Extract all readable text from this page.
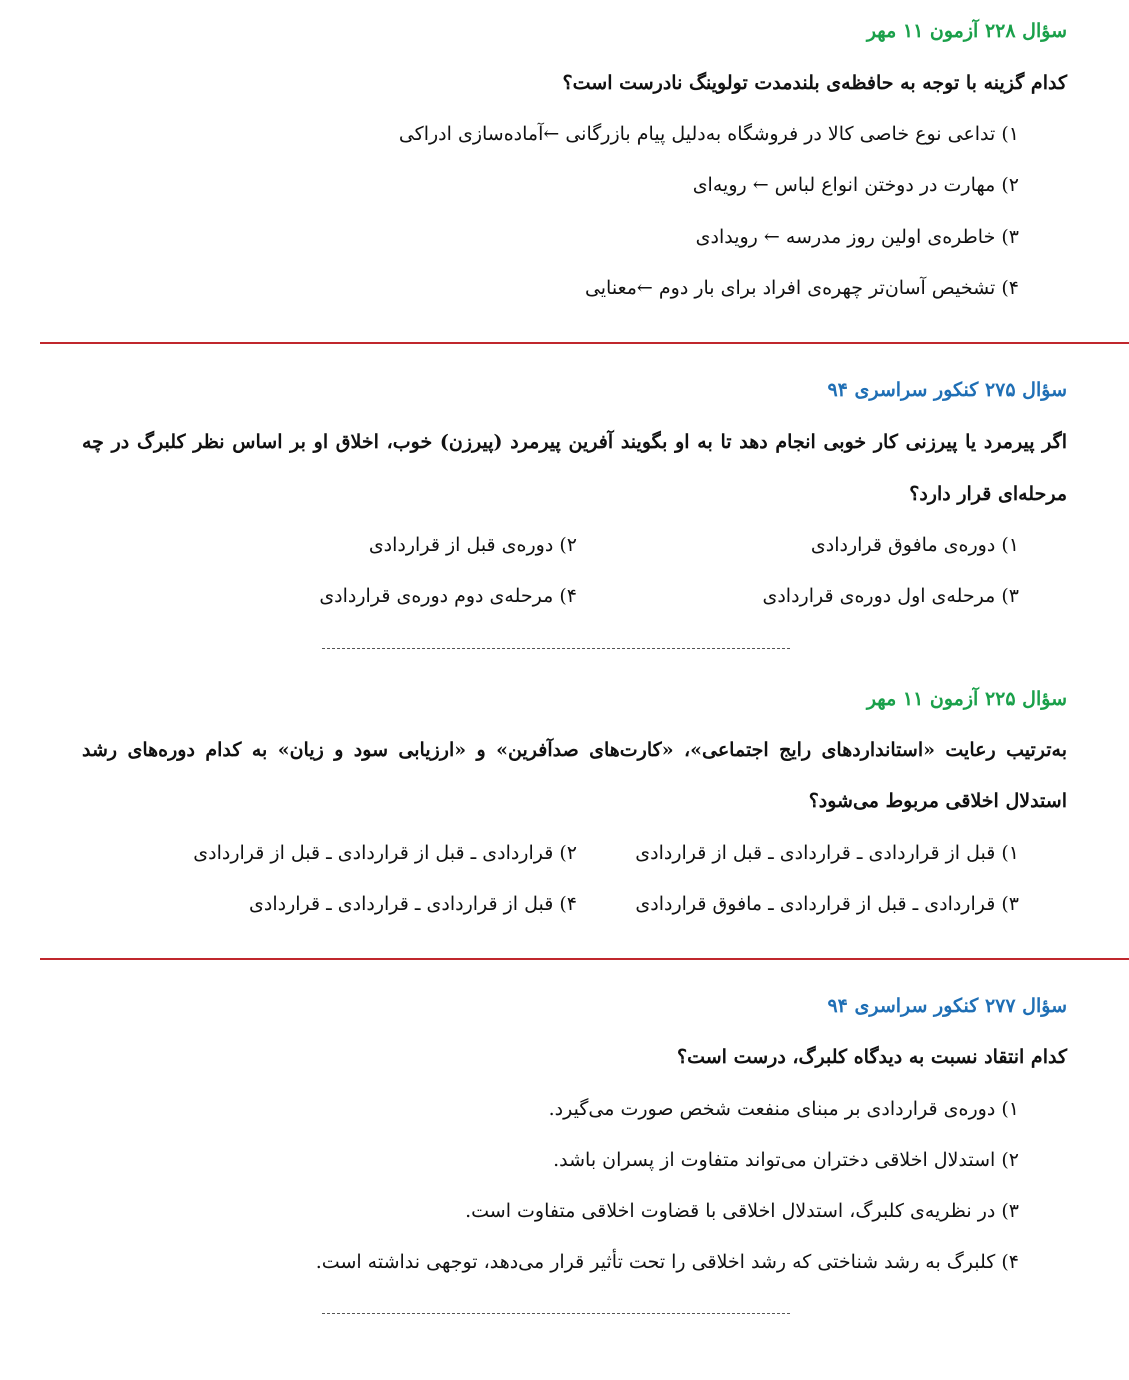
سؤال ۲۲۸ آزمون ۱۱ مهر
کدام گزینه با توجه به حافظه‌ی بلندمدت تولوینگ نادرست است؟
۱) تداعی نوع خاصی کالا در فروشگاه به‌دلیل پیام بازرگانی ←آماده‌سازی ادراکی
۲) مهارت در دوختن انواع لباس ← رویه‌ای
۳) خاطره‌ی اولین روز مدرسه ← رویدادی
۴) تشخیص آسان‌تر چهره‌ی افراد برای بار دوم ←معنایی
سؤال ۲۷۵ کنکور سراسری ۹۴
اگر پیرمرد یا پیرزنی کار خوبی انجام دهد تا به او بگویند آفرین پیرمرد (پیرزن) خوب، اخلاق او بر اساس نظر کلبرگ در چه
مرحله‌ای قرار دارد؟
۱) دوره‌ی مافوق قراردادی
۲) دوره‌ی قبل از قراردادی
۳) مرحله‌ی اول دوره‌ی قراردادی
۴) مرحله‌ی دوم دوره‌ی قراردادی
سؤال ۲۲۵ آزمون ۱۱ مهر
به‌ترتیب رعایت «استانداردهای رایج اجتماعی»، «کارت‌های صدآفرین» و «ارزیابی سود و زیان» به کدام دوره‌های رشد
استدلال اخلاقی مربوط می‌شود؟
۱) قبل از قراردادی ـ قراردادی ـ قبل از قراردادی
۲) قراردادی ـ قبل از قراردادی ـ قبل از قراردادی
۳) قراردادی ـ قبل از قراردادی ـ مافوق قراردادی
۴) قبل از قراردادی ـ قراردادی ـ قراردادی
سؤال ۲۷۷ کنکور سراسری ۹۴
کدام انتقاد نسبت به دیدگاه کلبرگ، درست است؟
۱) دوره‌ی قراردادی بر مبنای منفعت شخص صورت می‌گیرد.
۲) استدلال اخلاقی دختران می‌تواند متفاوت از پسران باشد.
۳) در نظریه‌ی کلبرگ، استدلال اخلاقی با قضاوت اخلاقی متفاوت است.
۴) کلبرگ به رشد شناختی که رشد اخلاقی را تحت تأثیر قرار می‌دهد، توجهی نداشته است.
